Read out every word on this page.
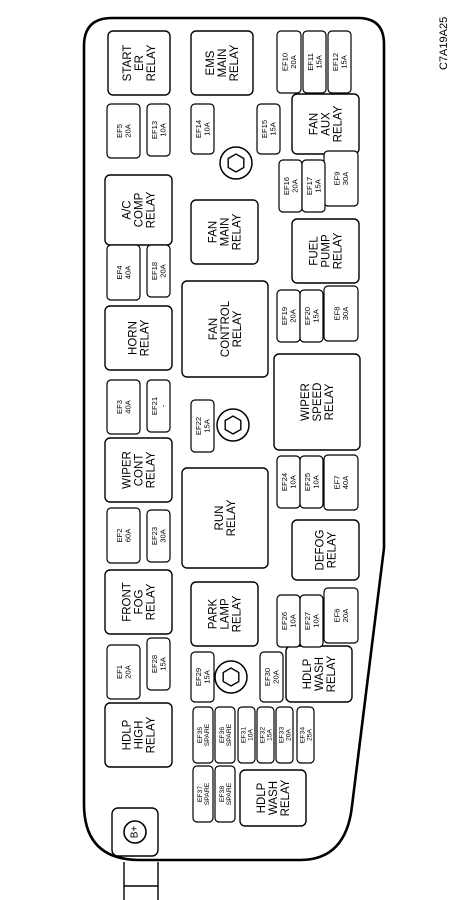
C7A19A25
B+
STARTERRELAY	EMSMAINRELAY
A/CCOMPRELAY
FANAUXRELAY
FANMAINRELAY
FUELPUMPRELAY
HORNRELAY	FANCONTROLRELAY
WIPERSPEEDRELAY
WIPERCONTRELAY
RUNRELAY
DEFOGRELAY
FRONTFOGRELAY	PARKLAMPRELAY
HDLPWASHRELAY
HDLPHIGHRELAY
HDLPWASHRELAY
EF120A
EF260A
EF340A
EF440A
EF520A
EF620A
EF740A
EF830A
EF930A
EF1020A EF1115A EF1215A
EF1310A	EF1410A	EF1515A
EF1620A EF1715A
EF1820A
EF1920A EF2015A
EF21-
EF2215A
EF2330A
EF2410A EF2510A
EF2610A EF2710A
EF2815A
EF2915A	EF3020A
EF3110A EF3215A EF3320A EF3425A
EF35SPARE EF36SPARE
EF37SPARE EF38SPARE
